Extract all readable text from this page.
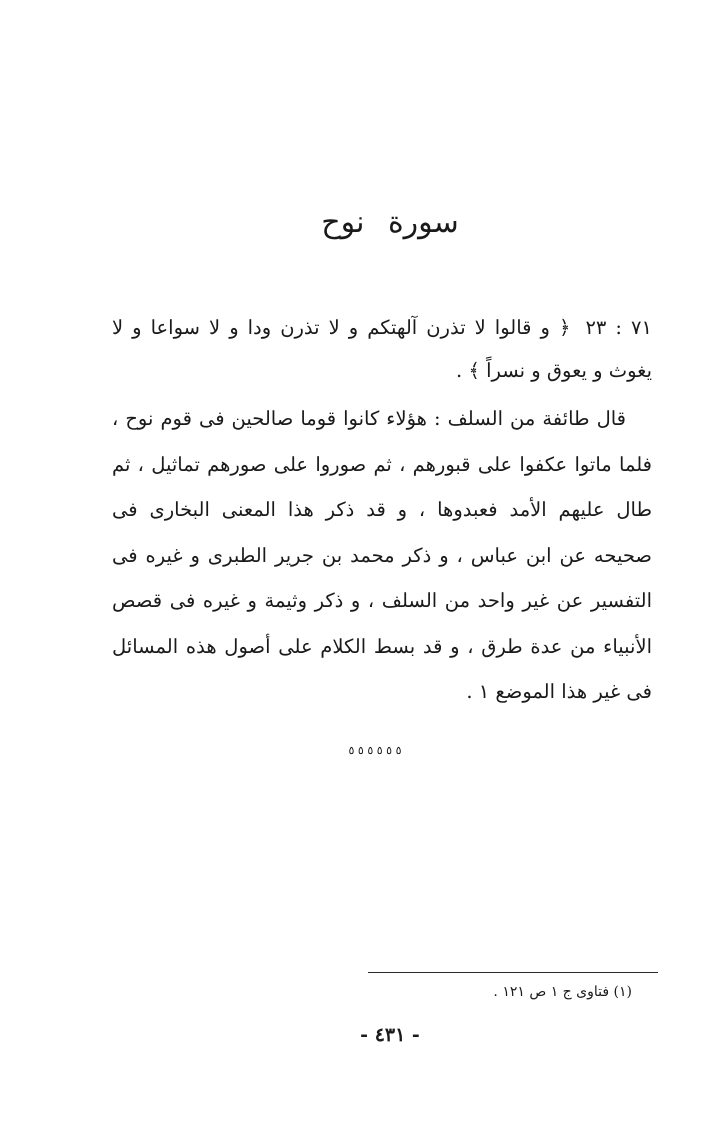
سورة نوح
٧١ : ٢٣ ﴿ و قالوا لا تذرن آلهتكم و لا تذرن ودا و لا سواعا و لا يغوث و يعوق و نسراً ﴾ .
قال طائفة من السلف : هؤلاء كانوا قوما صالحين فى قوم نوح ، فلما ماتوا عكفوا على قبورهم ، ثم صوروا على صورهم تماثيل ، ثم طال عليهم الأمد فعبدوها ، و قد ذكر هذا المعنى البخارى فى صحيحه عن ابن عباس ، و ذكر محمد بن جرير الطبرى و غيره فى التفسير عن غير واحد من السلف ، و ذكر وثيمة و غيره فى قصص الأنبياء من عدة طرق ، و قد بسط الكلام على أصول هذه المسائل فى غير هذا الموضع ١ .
٥ ٥ ٥ ٥ ٥ ٥
(١) فتاوى ج ١ ص ١٢١ .
- ٤٣١ -
